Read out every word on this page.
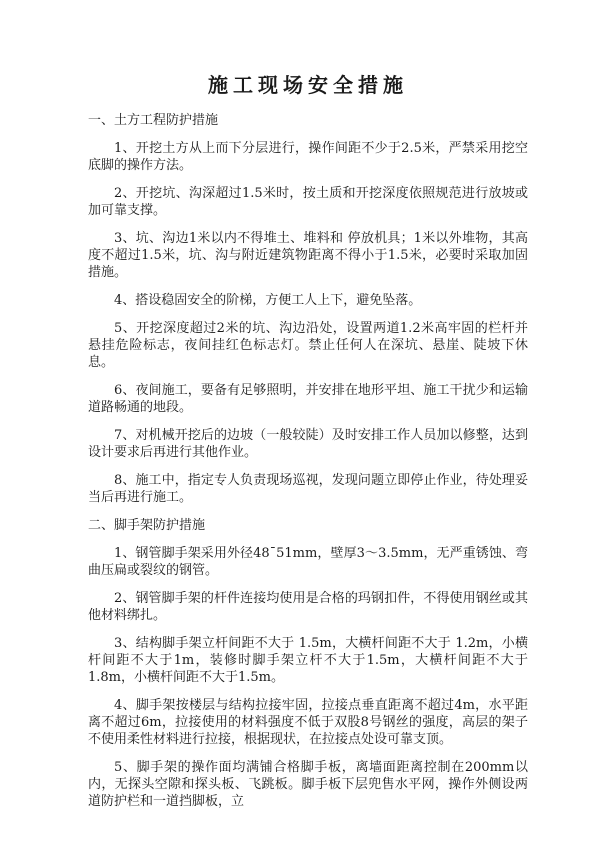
施工现场安全措施

一、土方工程防护措施

1、开挖土方从上而下分层进行，操作间距不少于2.5米，严禁采用挖空底脚的操作方法。

2、开挖坑、沟深超过1.5米时，按土质和开挖深度依照规范进行放坡或加可靠支撑。

3、坑、沟边1米以内不得堆土、堆料和 停放机具；1米以外堆物，其高度不超过1.5米，坑、沟与附近建筑物距离不得小于1.5米，必要时采取加固措施。

4、搭设稳固安全的阶梯，方便工人上下，避免坠落。

5、开挖深度超过2米的坑、沟边沿处，设置两道1.2米高牢固的栏杆并悬挂危险标志，夜间挂红色标志灯。禁止任何人在深坑、悬崖、陡坡下休息。

6、夜间施工，要备有足够照明，并安排在地形平坦、施工干扰少和运输道路畅通的地段。

7、对机械开挖后的边坡（一般较陡）及时安排工作人员加以修整，达到设计要求后再进行其他作业。

8、施工中，指定专人负责现场巡视，发现问题立即停止作业，待处理妥当后再进行施工。

二、脚手架防护措施

1、钢管脚手架采用外径48ˉ51mm，壁厚3～3.5mm，无严重锈蚀、弯曲压扁或裂纹的钢管。

2、钢管脚手架的杆件连接均使用是合格的玛钢扣件，不得使用钢丝或其他材料绑扎。

3、结构脚手架立杆间距不大于 1.5m，大横杆间距不大于 1.2m，小横杆间距不大于1m，装修时脚手架立杆不大于1.5m，大横杆间距不大于1.8m，小横杆间距不大于1.5m。

4、脚手架按楼层与结构拉接牢固，拉接点垂直距离不超过4m，水平距离不超过6m，拉接使用的材料强度不低于双股8号钢丝的强度，高层的架子不使用柔性材料进行拉接，根据现状，在拉接点处设可靠支顶。

5、脚手架的操作面均满铺合格脚手板，离墙面距离控制在200mm以内，无探头空隙和探头板、飞跳板。脚手板下层兜售水平网，操作外侧设两道防护栏和一道挡脚板，立
